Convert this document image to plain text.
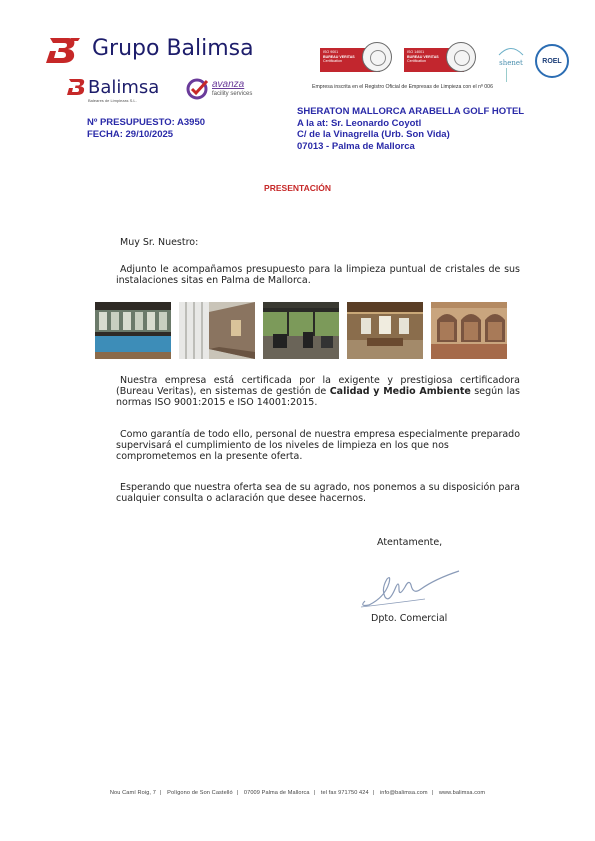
Grupo Balimsa
Balimsa
Baleares de Limpiezas S.L.
avanza
facility services
ISO 9001
BUREAU VERITAS
Certification
ISO 14001
BUREAU VERITAS
Certification	shenet	ROEL
Empresa inscrita en el Registro Oficial de Empresas de Limpieza con el nº 006
Nº PRESUPUESTO: A3950
FECHA: 29/10/2025
SHERATON MALLORCA ARABELLA GOLF HOTEL
A la at: Sr. Leonardo Coyotl
C/ de la Vinagrella (Urb. Son Vida)
07013 - Palma de Mallorca
PRESENTACIÓN
Muy Sr. Nuestro:
Adjunto le acompañamos presupuesto para la limpieza puntual de cristales de sus instalaciones sitas en Palma de Mallorca.
Nuestra empresa está certificada por la exigente y prestigiosa certificadora (Bureau Veritas), en sistemas de gestión de Calidad y Medio Ambiente según las normas ISO 9001:2015 e ISO 14001:2015.
Como garantía de todo ello, personal de nuestra empresa especialmente preparado supervisará el cumplimiento de los niveles de limpieza en los que nos comprometemos en la presente oferta.
Esperando que nuestra oferta sea de su agrado, nos ponemos a su disposición para cualquier consulta o aclaración que desee hacernos.
Atentamente,
Dpto. Comercial
Nou Camí Roig, 7 | Polígono de Son Castelló | 07009 Palma de Mallorca | tel fax 971750 424 | info@balimsa.com | www.balimsa.com
